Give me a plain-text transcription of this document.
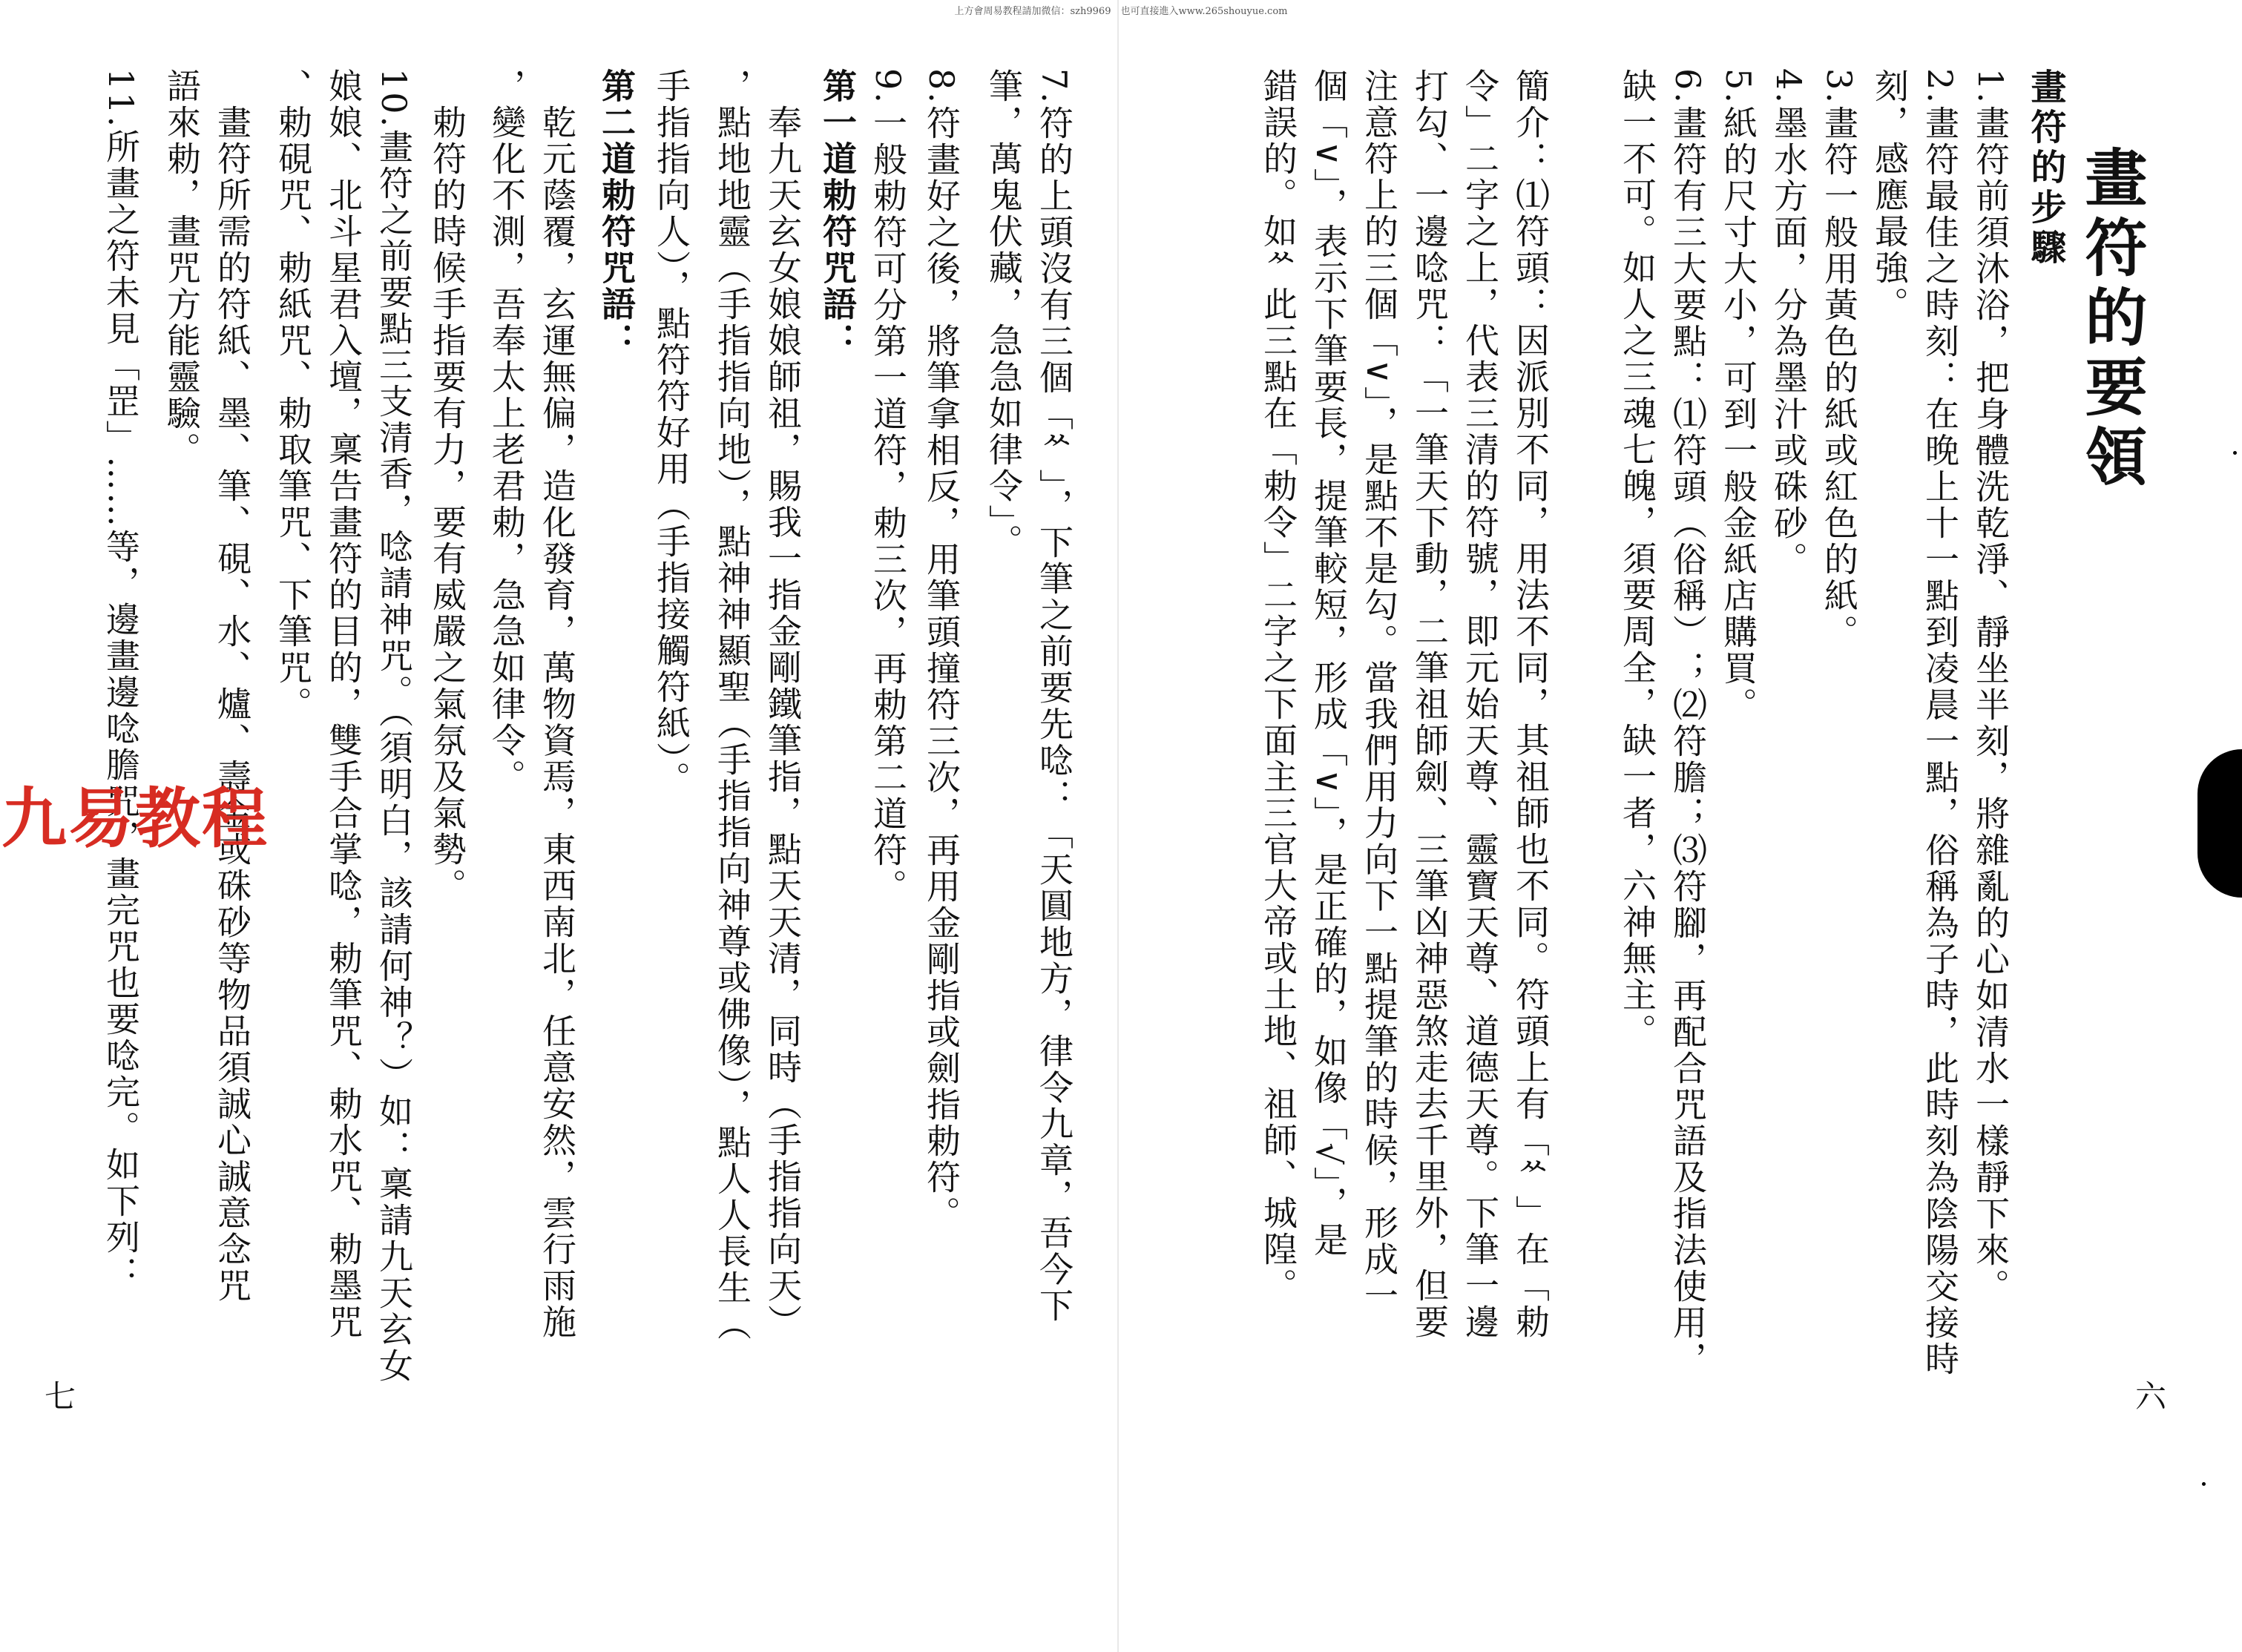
上方會周易教程請加微信：szh9969　也可直接進入www.265shouyue.com
畫符的要領
畫符的步驟
1.畫符前須沐浴，把身體洗乾淨、靜坐半刻，將雜亂的心如清水一樣靜下來。
2.畫符最佳之時刻：在晚上十一點到凌晨一點，俗稱為子時，此時刻為陰陽交接時
刻，感應最強。
3.畫符一般用黃色的紙或紅色的紙。
4.墨水方面，分為墨汁或硃砂。
5.紙的尺寸大小，可到一般金紙店購買。
6.畫符有三大要點：⑴符頭（俗稱）；⑵符膽；⑶符腳，再配合咒語及指法使用，
缺一不可。如人之三魂七魄，須要周全，缺一者，六神無主。
簡介：⑴符頭：因派別不同，用法不同，其祖師也不同。符頭上有「ᄊ」在「勅
令」二字之上，代表三清的符號，即元始天尊、靈寶天尊、道德天尊。下筆一邊
打勾、一邊唸咒：「一筆天下動，二筆祖師劍、三筆凶神惡煞走去千里外，但要
注意符上的三個「∨」，是點不是勾。當我們用力向下一點提筆的時候，形成一
個「∨」，表示下筆要長，提筆較短，形成「∨」，是正確的，如像「√」，是
錯誤的。如ᄊ此三點在「勅令」二字之下面主三官大帝或土地、祖師、城隍。
六
7.符的上頭沒有三個「ᄊ」，下筆之前要先唸：「天圓地方，律令九章，吾今下
筆，萬鬼伏藏，急急如律令」。
8.符畫好之後，將筆拿相反，用筆頭撞符三次，再用金剛指或劍指勅符。
9.一般勅符可分第一道符，勅三次，再勅第二道符。
第一道勅符咒語：
　奉九天玄女娘娘師祖，賜我一指金剛鐵筆指，點天天清，同時（手指指向天）
，點地地靈（手指指向地），點神神顯聖（手指指向神尊或佛像），點人人長生（
手指指向人），點符符好用（手指接觸符紙）。
第二道勅符咒語：
　乾元蔭覆，玄運無偏，造化發育，萬物資焉，東西南北，任意安然，雲行雨施
，變化不測，吾奉太上老君勅，急急如律令。
　勅符的時候手指要有力，要有威嚴之氣氛及氣勢。
10.畫符之前要點三支清香，唸請神咒。（須明白，該請何神？）如：稟請九天玄女
娘娘、北斗星君入壇，稟告畫符的目的，雙手合掌唸，勅筆咒、勅水咒、勅墨咒
、勅硯咒、勅紙咒、勅取筆咒、下筆咒。
　畫符所需的符紙、墨、筆、硯、水、爐、壽金或硃砂等物品須誠心誠意念咒
語來勅，畫咒方能靈驗。
11.所畫之符未見「罡」……等，邊畫邊唸膽咒，畫完咒也要唸完。如下列：
七
九易教程
